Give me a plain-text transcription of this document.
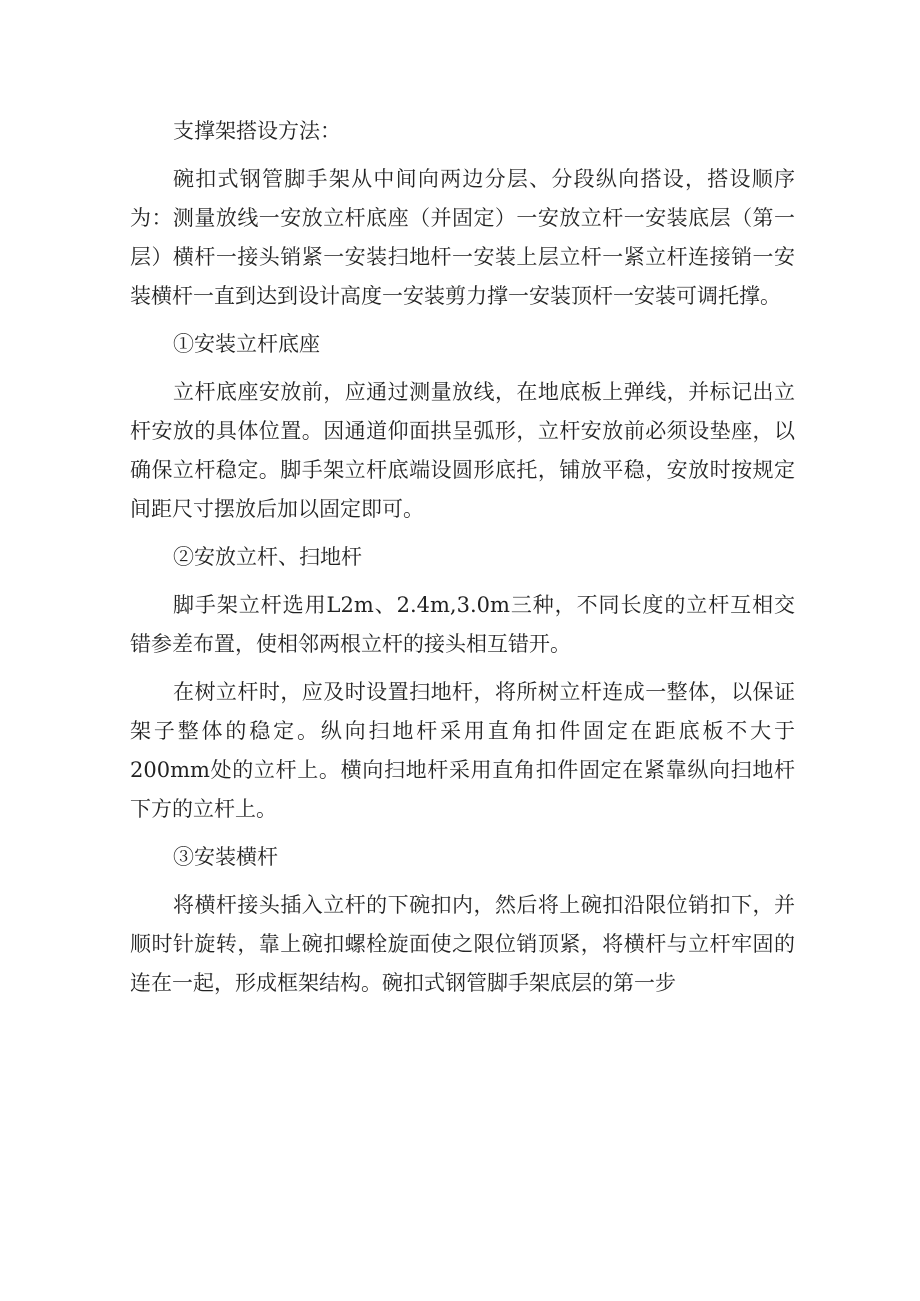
支撑架搭设方法：

碗扣式钢管脚手架从中间向两边分层、分段纵向搭设，搭设顺序为：测量放线一安放立杆底座（并固定）一安放立杆一安装底层（第一层）横杆一接头销紧一安装扫地杆一安装上层立杆一紧立杆连接销一安装横杆一直到达到设计高度一安装剪力撑一安装顶杆一安装可调托撑。

①安装立杆底座

立杆底座安放前，应通过测量放线，在地底板上弹线，并标记出立杆安放的具体位置。因通道仰面拱呈弧形，立杆安放前必须设垫座，以确保立杆稳定。脚手架立杆底端设圆形底托，铺放平稳，安放时按规定间距尺寸摆放后加以固定即可。

②安放立杆、扫地杆

脚手架立杆选用L2m、2.4m,3.0m三种，不同长度的立杆互相交错参差布置，使相邻两根立杆的接头相互错开。

在树立杆时，应及时设置扫地杆，将所树立杆连成一整体，以保证架子整体的稳定。纵向扫地杆采用直角扣件固定在距底板不大于200mm处的立杆上。横向扫地杆采用直角扣件固定在紧靠纵向扫地杆下方的立杆上。

③安装横杆

将横杆接头插入立杆的下碗扣内，然后将上碗扣沿限位销扣下，并顺时针旋转，靠上碗扣螺栓旋面使之限位销顶紧，将横杆与立杆牢固的连在一起，形成框架结构。碗扣式钢管脚手架底层的第一步
